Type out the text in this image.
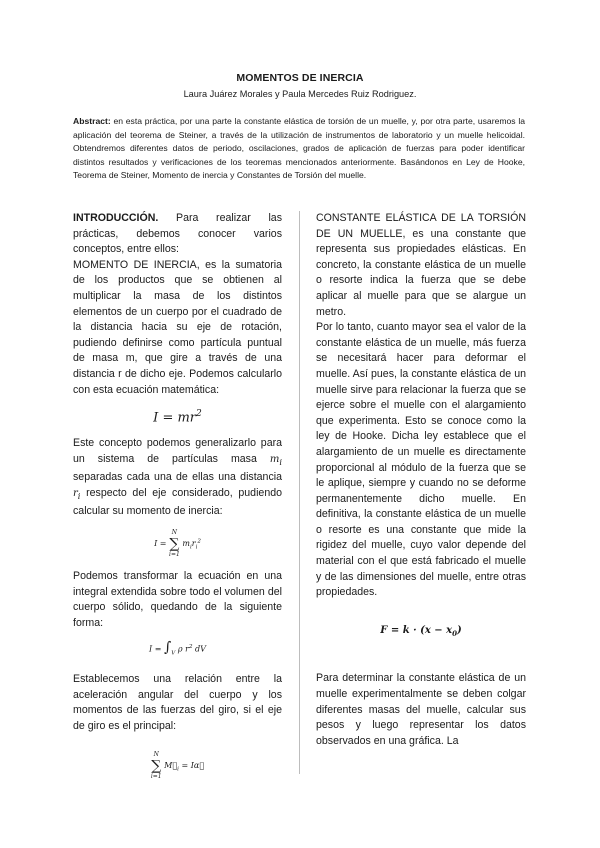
MOMENTOS DE INERCIA
Laura Juárez Morales y Paula Mercedes Ruiz Rodriguez.
Abstract: en esta práctica, por una parte la constante elástica de torsión de un muelle, y, por otra parte, usaremos la aplicación del teorema de Steiner, a través de la utilización de instrumentos de laboratorio y un muelle helicoidal. Obtendremos diferentes datos de periodo, oscilaciones, grados de aplicación de fuerzas para poder identificar distintos resultados y verificaciones de los teoremas mencionados anteriormente. Basándonos en Ley de Hooke, Teorema de Steiner, Momento de inercia y Constantes de Torsión del muelle.

INTRODUCCIÓN. Para realizar las prácticas, debemos conocer varios conceptos, entre ellos:

MOMENTO DE INERCIA, es la sumatoria de los productos que se obtienen al multiplicar la masa de los distintos elementos de un cuerpo por el cuadrado de la distancia hacia su eje de rotación, pudiendo definirse como partícula puntual de masa m, que gire a través de una distancia r de dicho eje. Podemos calcularlo con esta ecuación matemática:

$I = mr^2$

Este concepto podemos generalizarlo para un sistema de partículas masa $m_i$ separadas cada una de ellas una distancia $r_i$ respecto del eje considerado, pudiendo calcular su momento de inercia:

I =
N
∑
i=1
$m_ir_i^2$

Podemos transformar la ecuación en una integral extendida sobre todo el volumen del cuerpo sólido, quedando de la siguiente forma:

$I = \int_V$ ρ $r^2$ dV

Establecemos una relación entre la aceleración angular del cuerpo y los momentos de las fuerzas del giro, si el eje de giro es el principal:

N
∑
i=1
$M⃗_i$ = Iα⃗

CONSTANTE ELÁSTICA DE LA TORSIÓN DE UN MUELLE, es una constante que representa sus propiedades elásticas. En concreto, la constante elástica de un muelle o resorte indica la fuerza que se debe aplicar al muelle para que se alargue un metro.

Por lo tanto, cuanto mayor sea el valor de la constante elástica de un muelle, más fuerza se necesitará hacer para deformar el muelle. Así pues, la constante elástica de un muelle sirve para relacionar la fuerza que se ejerce sobre el muelle con el alargamiento que experimenta. Esto se conoce como la ley de Hooke. Dicha ley establece que el alargamiento de un muelle es directamente proporcional al módulo de la fuerza que se le aplique, siempre y cuando no se deforme permanentemente dicho muelle. En definitiva, la constante elástica de un muelle o resorte es una constante que mide la rigidez del muelle, cuyo valor depende del material con el que está fabricado el muelle y de las dimensiones del muelle, entre otras propiedades.

$F = k \cdot (x - x_0)$

Para determinar la constante elástica de un muelle experimentalmente se deben colgar diferentes masas del muelle, calcular sus pesos y luego representar los datos observados en una gráfica. La
